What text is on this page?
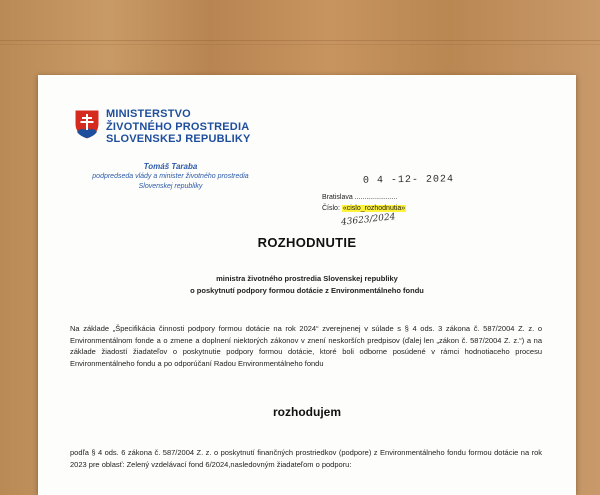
MINISTERSTVO
ŽIVOTNÉHO PROSTREDIA
SLOVENSKEJ REPUBLIKY
Tomáš Taraba
podpredseda vlády a minister životného prostredia
Slovenskej republiky	0 4 -12- 2024
Bratislava ......................
Číslo: «cislo_rozhodnutia»
43623/2024
ROZHODNUTIE
ministra životného prostredia Slovenskej republiky
o poskytnutí podpory formou dotácie z Environmentálneho fondu
Na základe „Špecifikácia činnosti podpory formou dotácie na rok 2024“ zverejnenej v súlade s § 4 ods. 3 zákona č. 587/2004 Z. z. o Environmentálnom fonde a o zmene a doplnení niektorých zákonov v znení neskorších predpisov (ďalej len „zákon č. 587/2004 Z. z.“) a na základe žiadostí žiadateľov o poskytnutie podpory formou dotácie, ktoré boli odborne posúdené v rámci hodnotiaceho procesu Environmentálneho fondu a po odporúčaní Radou Environmentálneho fondu
rozhodujem
podľa § 4 ods. 6 zákona č. 587/2004 Z. z. o poskytnutí finančných prostriedkov (podpore) z Environmentálneho fondu formou dotácie na rok 2023 pre oblasť: Zelený vzdelávací fond 6/2024,nasledovným žiadateľom o podporu:
